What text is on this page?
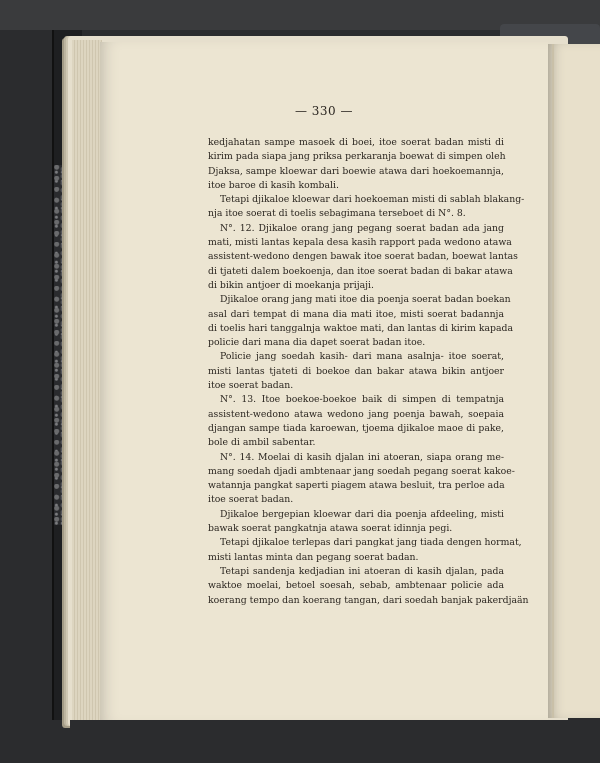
— 330 —
kedjahatan sampe masoek di boei, itoe soerat badan misti di
kirim pada siapa jang priksa perkaranja boewat di simpen oleh
Djaksa, sampe kloewar dari boewie atawa dari hoekoemannja,
itoe baroe di kasih kombali.
Tetapi djikaloe kloewar dari hoekoeman misti di sablah blakang-
nja itoe soerat di toelis sebagimana terseboet di N°. 8.
N°. 12. Djikaloe orang jang pegang soerat badan ada jang
mati, misti lantas kepala desa kasih rapport pada wedono atawa
assistent-wedono dengen bawak itoe soerat badan, boewat lantas
di tjateti dalem boekoenja, dan itoe soerat badan di bakar atawa
di bikin antjoer di moekanja prijaji.
Djikaloe orang jang mati itoe dia poenja soerat badan boekan
asal dari tempat di mana dia mati itoe, misti soerat badannja
di toelis hari tanggalnja waktoe mati, dan lantas di kirim kapada
policie dari mana dia dapet soerat badan itoe.
Policie jang soedah kasih- dari mana asalnja- itoe soerat,
misti lantas tjateti di boekoe dan bakar atawa bikin antjoer
itoe soerat badan.
N°. 13. Itoe boekoe-boekoe baik di simpen di tempatnja
assistent-wedono atawa wedono jang poenja bawah, soepaia
djangan sampe tiada karoewan, tjoema djikaloe maoe di pake,
bole di ambil sabentar.
N°. 14. Moelai di kasih djalan ini atoeran, siapa orang me-
mang soedah djadi ambtenaar jang soedah pegang soerat kakoe-
watannja pangkat saperti piagem atawa besluit, tra perloe ada
itoe soerat badan.
Djikaloe bergepian kloewar dari dia poenja afdeeling, misti
bawak soerat pangkatnja atawa soerat idinnja pegi.
Tetapi djikaloe terlepas dari pangkat jang tiada dengen hormat,
misti lantas minta dan pegang soerat badan.
Tetapi sandenja kedjadian ini atoeran di kasih djalan, pada
waktoe moelai, betoel soesah, sebab, ambtenaar policie ada
koerang tempo dan koerang tangan, dari soedah banjak pakerdjaän
